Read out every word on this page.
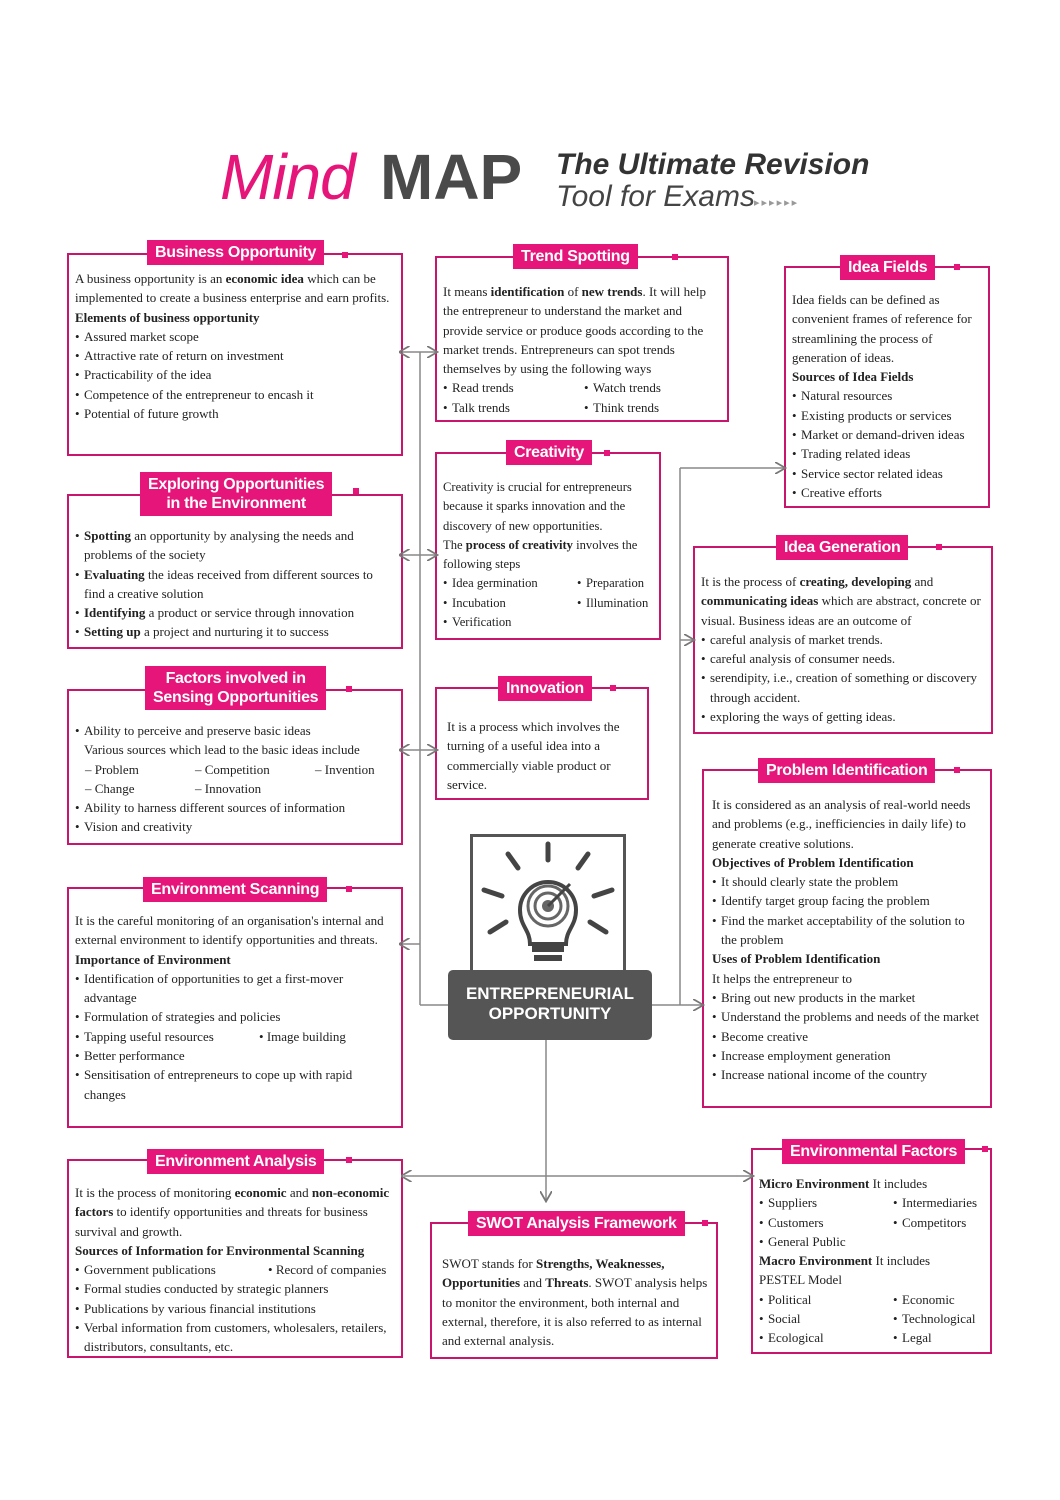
Mind MAP The Ultimate Revision
Tool for Exams ▸▸▸▸▸▸

A business opportunity is an economic idea which can be implemented to create a business enterprise and earn profits.

Elements of business opportunity

• Assured market scope
• Attractive rate of return on investment
• Practicability of the idea
• Competence of the entrepreneur to encash it
• Potential of future growth
Business Opportunity
• Spotting an opportunity by analysing the needs and problems of the society
• Evaluating the ideas received from different sources to find a creative solution
• Identifying a product or service through innovation
• Setting up a project and nurturing it to success
Exploring Opportunities
in the Environment
• Ability to perceive and preserve basic ideas

Various sources which lead to the basic ideas include

– Problem	– Competition	– Invention
– Change	– Innovation
• Ability to harness different sources of information
• Vision and creativity
Factors involved in
Sensing Opportunities

It is the careful monitoring of an organisation's internal and external environment to identify opportunities and threats.

Importance of Environment

• Identification of opportunities to get a first-mover advantage
• Formulation of strategies and policies
• Tapping useful resources	• Image building
• Better performance
• Sensitisation of entrepreneurs to cope up with rapid changes
Environment Scanning

It is the process of monitoring economic and non-economic factors to identify opportunities and threats for business survival and growth.

Sources of Information for Environmental Scanning

• Government publications	• Record of companies
• Formal studies conducted by strategic planners
• Publications by various financial institutions
• Verbal information from customers, wholesalers, retailers, distributors, consultants, etc.
Environment Analysis

It means identification of new trends. It will help the entrepreneur to understand the market and provide service or produce goods according to the market trends. Entrepreneurs can spot trends themselves by using the following ways

• Read trends	• Watch trends
• Talk trends	• Think trends
Trend Spotting

Creativity is crucial for entrepreneurs because it sparks innovation and the discovery of new opportunities.

The process of creativity involves the following steps

• Idea germination	• Preparation
• Incubation	• Illumination
• Verification
Creativity

It is a process which involves the turning of a useful idea into a commercially viable product or service.

Innovation

Idea fields can be defined as convenient frames of reference for streamlining the process of generation of ideas.

Sources of Idea Fields

• Natural resources
• Existing products or services
• Market or demand-driven ideas
• Trading related ideas
• Service sector related ideas
• Creative efforts
Idea Fields

It is the process of creating, developing and communicating ideas which are abstract, concrete or visual. Business ideas are an outcome of

• careful analysis of market trends.
• careful analysis of consumer needs.
• serendipity, i.e., creation of something or discovery through accident.
• exploring the ways of getting ideas.
Idea Generation

It is considered as an analysis of real-world needs and problems (e.g., inefficiencies in daily life) to generate creative solutions.

Objectives of Problem Identification

• It should clearly state the problem
• Identify target group facing the problem
• Find the market acceptability of the solution to the problem

Uses of Problem Identification

It helps the entrepreneur to

• Bring out new products in the market
• Understand the problems and needs of the market
• Become creative
• Increase employment generation
• Increase national income of the country
Problem Identification

SWOT stands for Strengths, Weaknesses, Opportunities and Threats. SWOT analysis helps to monitor the environment, both internal and external, therefore, it is also referred to as internal and external analysis.

SWOT Analysis Framework

Micro Environment It includes

• Suppliers	• Intermediaries
• Customers	• Competitors
• General Public

Macro Environment It includes

PESTEL Model

• Political	• Economic
• Social	• Technological
• Ecological	• Legal
Environmental Factors
ENTREPRENEURIAL
OPPORTUNITY
